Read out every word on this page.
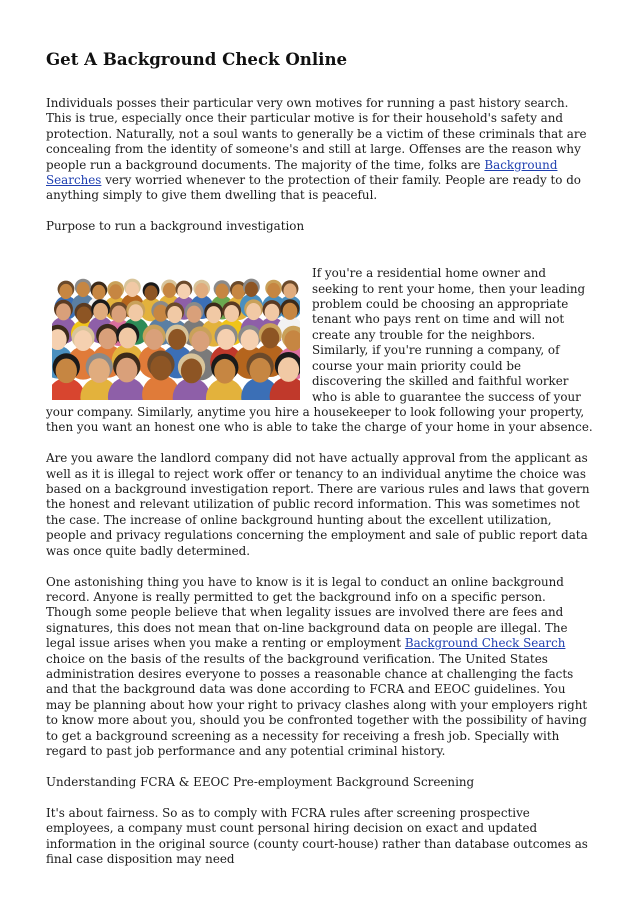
Get A Background Check Online

Individuals posses their particular very own motives for running a past history search. This is true, especially once their particular motive is for their household's safety and protection. Naturally, not a soul wants to generally be a victim of these criminals that are concealing from the identity of someone's and still at large. Offenses are the reason why people run a background documents. The majority of the time, folks are Background Searches very worried whenever to the protection of their family. People are ready to do anything simply to give them dwelling that is peaceful.

Purpose to run a background investigation

If you're a residential home owner and seeking to rent your home, then your leading problem could be choosing an appropriate tenant who pays rent on time and will not create any trouble for the neighbors. Similarly, if you're running a company, of course your main priority could be discovering the skilled and faithful worker who is able to guarantee the success of your your company. Similarly, anytime you hire a housekeeper to look following your property, then you want an honest one who is able to take the charge of your home in your absence.

Are you aware the landlord company did not have actually approval from the applicant as well as it is illegal to reject work offer or tenancy to an individual anytime the choice was based on a background investigation report. There are various rules and laws that govern the honest and relevant utilization of public record information. This was sometimes not the case. The increase of online background hunting about the excellent utilization, people and privacy regulations concerning the employment and sale of public report data was once quite badly determined.

One astonishing thing you have to know is it is legal to conduct an online background record. Anyone is really permitted to get the background info on a specific person. Though some people believe that when legality issues are involved there are fees and signatures, this does not mean that on-line background data on people are illegal. The legal issue arises when you make a renting or employment Background Check Search choice on the basis of the results of the background verification. The United States administration desires everyone to posses a reasonable chance at challenging the facts and that the background data was done according to FCRA and EEOC guidelines. You may be planning about how your right to privacy clashes along with your employers right to know more about you, should you be confronted together with the possibility of having to get a background screening as a necessity for receiving a fresh job. Specially with regard to past job performance and any potential criminal history.

Understanding FCRA & EEOC Pre-employment Background Screening

It's about fairness. So as to comply with FCRA rules after screening prospective employees, a company must count personal hiring decision on exact and updated information in the original source (county court-house) rather than database outcomes as final case disposition may need
